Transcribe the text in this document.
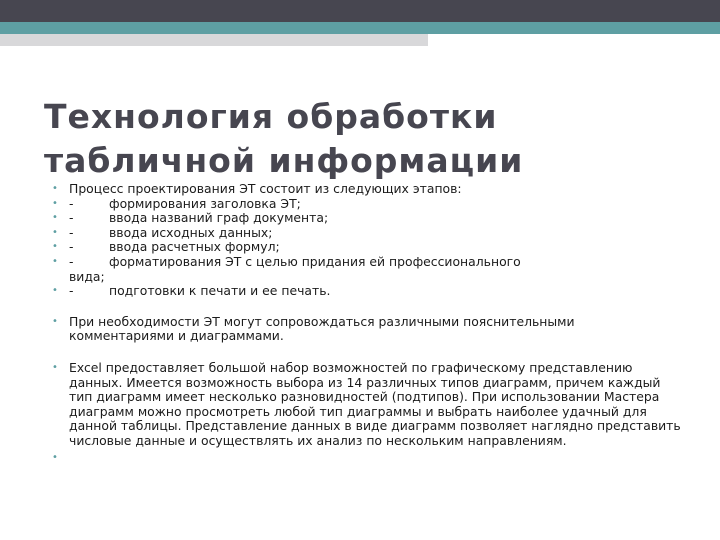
Технология обработки
табличной информации
• Процесс проектирования ЭТ состоит из следующих этапов:
• -	формирования заголовка ЭТ;
• -	ввода названий граф документа;
• -	ввода исходных данных;
• -	ввода расчетных формул;
• -	форматирования ЭТ с целью придания ей профессионального
вида;
• -	подготовки к печати и ее печать.
• При необходимости ЭТ могут сопровождаться различными пояснительными комментариями и диаграммами.
• Excel предоставляет большой набор возможностей по графическому представлению данных. Имеется возможность выбора из 14 различных типов диаграмм, причем каждый тип диаграмм имеет несколько разновидностей (подтипов). При использовании Мастера диаграмм можно просмотреть любой тип диаграммы и выбрать наиболее удачный для данной таблицы. Представление данных в виде диаграмм позволяет наглядно представить числовые данные и осуществлять их анализ по нескольким направлениям.
•
